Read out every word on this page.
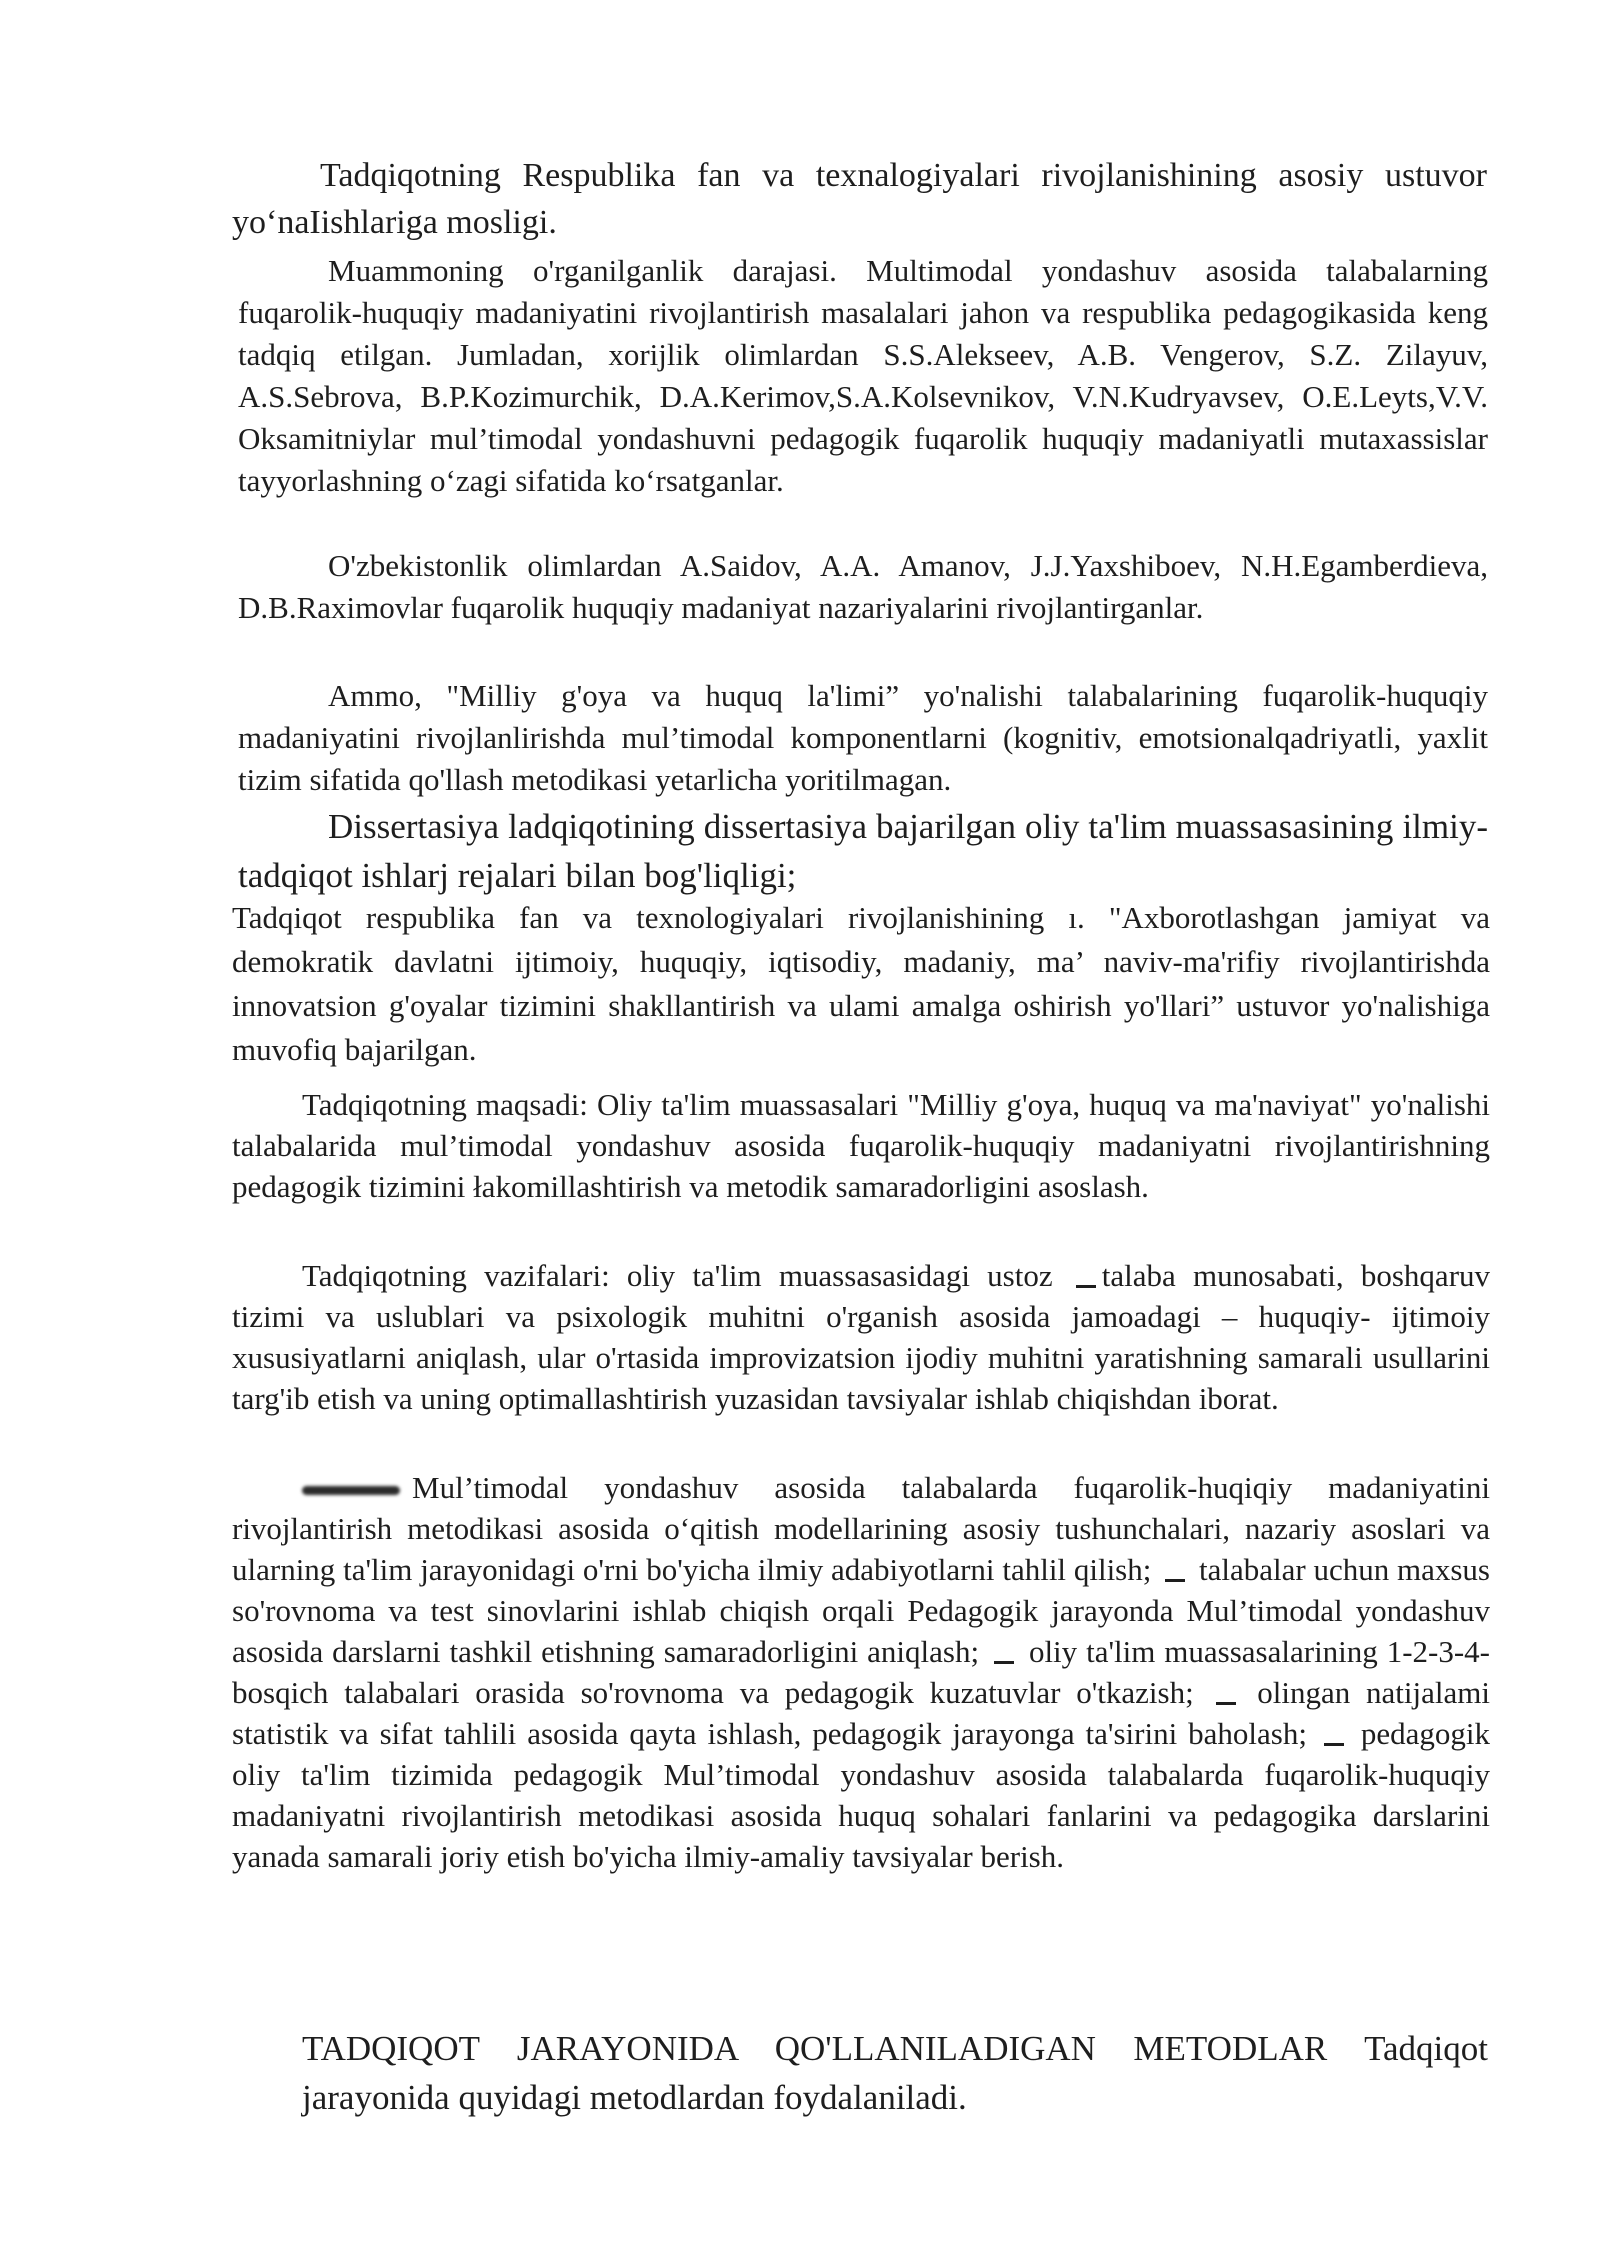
Tadqiqotning Respublika fan va texnalogiyalari rivojlanishining asosiy ustuvor yo‘naIishlariga mosligi.

Muammoning o'rganilganlik darajasi. Multimodal yondashuv asosida talabalarning fuqarolik-huquqiy madaniyatini rivojlantirish masalalari jahon va respublika pedagogikasida keng tadqiq etilgan. Jumladan, xorijlik olimlardan S.S.Alekseev, A.B. Vengerov, S.Z. Zilayuv, A.S.Sebrova, B.P.Kozimurchik, D.A.Kerimov,S.A.Kolsevnikov, V.N.Kudryavsev, O.E.Leyts,V.V. Oksamitniylar mul’timodal yondashuvni pedagogik fuqarolik huquqiy madaniyatli mutaxassislar tayyorlashning o‘zagi sifatida ko‘rsatganlar.

O'zbekistonlik olimlardan A.Saidov, A.A. Amanov, J.J.Yaxshiboev, N.H.Egamberdieva, D.B.Raximovlar fuqarolik huquqiy madaniyat nazariyalarini rivojlantirganlar.

Ammo, "Milliy g'oya va huquq la'limi” yo'nalishi talabalarining fuqarolik-huquqiy madaniyatini rivojlanlirishda mul’timodal komponentlarni (kognitiv, emotsionalqadriyatli, yaxlit tizim sifatida qo'llash metodikasi yetarlicha yoritilmagan.

Dissertasiya ladqiqotining dissertasiya bajarilgan oliy ta'lim muassasasining ilmiy-tadqiqot ishlarj rejalari bilan bog'liqligi;

Tadqiqot respublika fan va texnologiyalari rivojlanishining ı. "Axborotlashgan jamiyat va demokratik davlatni ijtimoiy, huquqiy, iqtisodiy, madaniy, ma’ naviv-ma'rifiy rivojlantirishda innovatsion g'oyalar tizimini shakllantirish va ulami amalga oshirish yo'llari” ustuvor yo'nalishiga muvofiq bajarilgan.

Tadqiqotning maqsadi: Oliy ta'lim muassasalari "Milliy g'oya, huquq va ma'naviyat" yo'nalishi talabalarida mul’timodal yondashuv asosida fuqarolik-huquqiy madaniyatni rivojlantirishning pedagogik tizimini łakomillashtirish va metodik samaradorligini asoslash.

Tadqiqotning vazifalari: oliy ta'lim muassasasidagi ustoz talaba munosabati, boshqaruv tizimi va uslublari va psixologik muhitni o'rganish asosida jamoadagi – huquqiy- ijtimoiy xususiyatlarni aniqlash, ular o'rtasida improvizatsion ijodiy muhitni yaratishning samarali usullarini targ'ib etish va uning optimallashtirish yuzasidan tavsiyalar ishlab chiqishdan iborat.

Mul’timodal yondashuv asosida talabalarda fuqarolik-huqiqiy madaniyatini rivojlantirish metodikasi asosida o‘qitish modellarining asosiy tushunchalari, nazariy asoslari va ularning ta'lim jarayonidagi o'rni bo'yicha ilmiy adabiyotlarni tahlil qilish; talabalar uchun maxsus so'rovnoma va test sinovlarini ishlab chiqish orqali Pedagogik jarayonda Mul’timodal yondashuv asosida darslarni tashkil etishning samaradorligini aniqlash; oliy ta'lim muassasalarining 1-2-3-4-bosqich talabalari orasida so'rovnoma va pedagogik kuzatuvlar o'tkazish; olingan natijalami statistik va sifat tahlili asosida qayta ishlash, pedagogik jarayonga ta'sirini baholash; pedagogik oliy ta'lim tizimida pedagogik Mul’timodal yondashuv asosida talabalarda fuqarolik-huquqiy madaniyatni rivojlantirish metodikasi asosida huquq sohalari fanlarini va pedagogika darslarini yanada samarali joriy etish bo'yicha ilmiy-amaliy tavsiyalar berish.

TADQIQOT JARAYONIDA QO'LLANILADIGAN METODLAR Tadqiqot jarayonida quyidagi metodlardan foydalaniladi.
